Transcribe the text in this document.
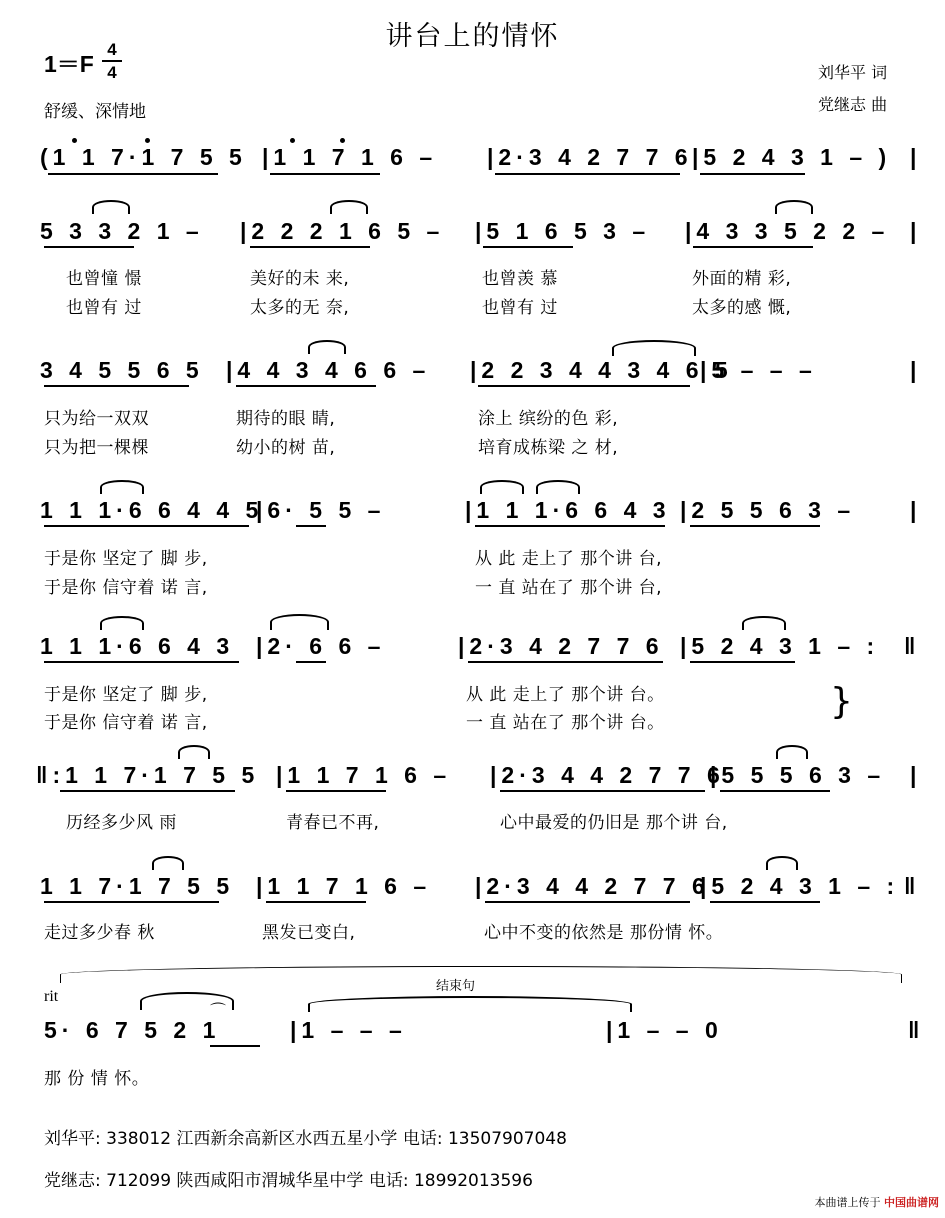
讲台上的情怀
1＝F
4
4
舒缓、深情地
刘华平 词
党继志 曲
(1 1 7·1 7 5 5 |1 1 7 1 6 – |2·3 4 2 7 7 6 |5 2 4 3 1 – ) |
5 3 3 2 1 – |2 2 2 1 6 5 – |5 1 6 5 3 – |4 3 3 5 2 2 – |
也曾憧 憬	美好的未 来,	也曾羡 慕	外面的精 彩,
也曾有 过	太多的无 奈,	也曾有 过	太多的感 慨,
3 4 5 5 6 5 |4 4 3 4 6 6 – |2 2 3 4 4 3 4 6 5
|5 – – –	|
只为给一双双	期待的眼 睛,	涂上 缤纷的色 彩,
只为把一棵棵	幼小的树 苗,	培育成栋梁 之 材,
1 1 1·6 6 4 4 5
|6· 5 5 –	|1 1 1·6 6 4 3 |2 5 5 6 3 – |
于是你 坚定了 脚 步,	从 此 走上了 那个讲 台,
于是你 信守着 诺 言,	一 直 站在了 那个讲 台,
1 1 1·6 6 4 3 |2· 6 6 –	|2·3 4 2 7 7 6 |5 2 4 3 1 – : ‖
于是你 坚定了 脚 步,	从 此 走上了 那个讲 台。
于是你 信守着 诺 言,	一 直 站在了 那个讲 台。
}
‖:1 1 7·1 7 5 5 |1 1 7 1 6 – |2·3 4 4 2 7 7 6
|5 5 5 6 3 – |
历经多少风 雨	青春已不再,	心中最爱的仍旧是 那个讲 台,
1 1 7·1 7 5 5 |1 1 7 1 6 – |2·3 4 4 2 7 7 6
|5 2 4 3 1 – : ‖
走过多少春 秋	黑发已变白,	心中不变的依然是 那份情 怀。
结束句
rit
5· 6 7 5 2 1	|1 – – –	|1 – – 0	‖
⌒
那 份 情 怀。
刘华平: 338012 江西新余高新区水西五星小学 电话: 13507907048
党继志: 712099 陕西咸阳市渭城华星中学 电话: 18992013596
本曲谱上传于 中国曲谱网
